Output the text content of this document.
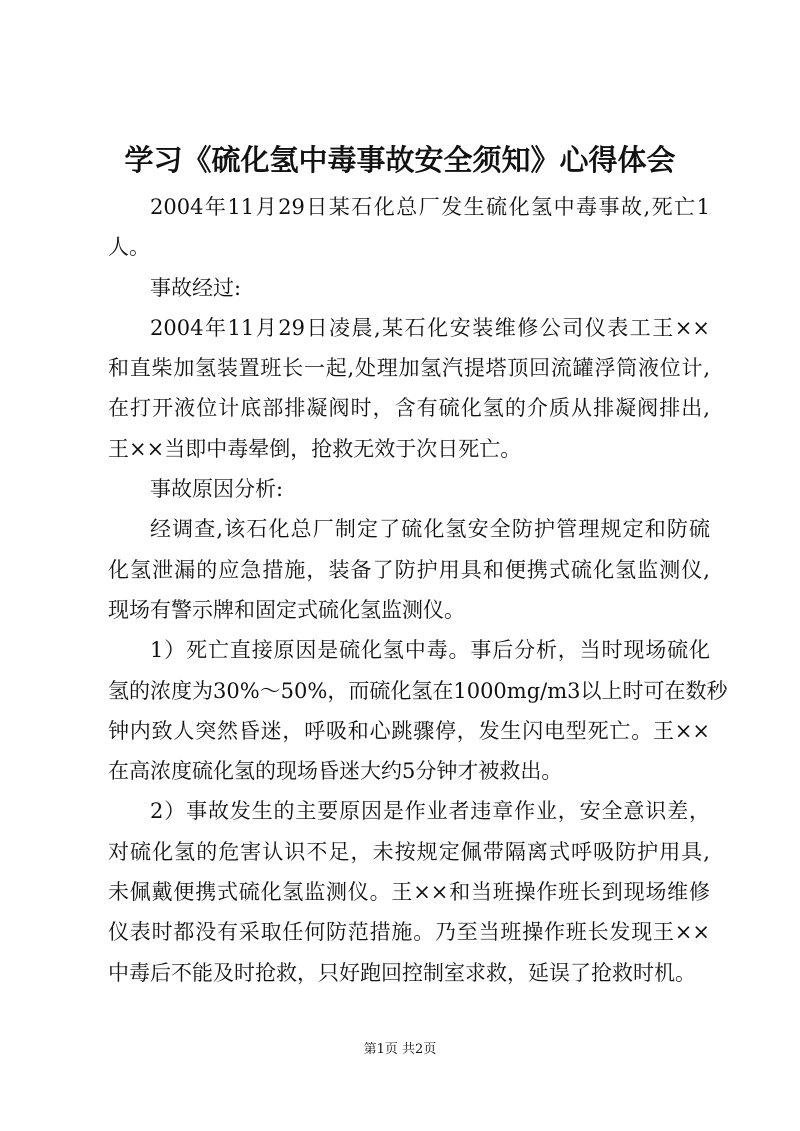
学习《硫化氢中毒事故安全须知》心得体会
2004年11月29日某石化总厂发生硫化氢中毒事故,死亡1
人。
事故经过:
2004年11月29日凌晨,某石化安装维修公司仪表工王××
和直柴加氢装置班长一起,处理加氢汽提塔顶回流罐浮筒液位计,
在打开液位计底部排凝阀时，含有硫化氢的介质从排凝阀排出,
王××当即中毒晕倒，抢救无效于次日死亡。
事故原因分析:
经调查,该石化总厂制定了硫化氢安全防护管理规定和防硫
化氢泄漏的应急措施，装备了防护用具和便携式硫化氢监测仪,
现场有警示牌和固定式硫化氢监测仪。
1）死亡直接原因是硫化氢中毒。事后分析，当时现场硫化
氢的浓度为30%～50%，而硫化氢在1000mg/m3以上时可在数秒
钟内致人突然昏迷，呼吸和心跳骤停，发生闪电型死亡。王××
在高浓度硫化氢的现场昏迷大约5分钟才被救出。
2）事故发生的主要原因是作业者违章作业，安全意识差，
对硫化氢的危害认识不足，未按规定佩带隔离式呼吸防护用具,
未佩戴便携式硫化氢监测仪。王××和当班操作班长到现场维修
仪表时都没有采取任何防范措施。乃至当班操作班长发现王××
中毒后不能及时抢救，只好跑回控制室求救，延误了抢救时机。
第1页 共2页
